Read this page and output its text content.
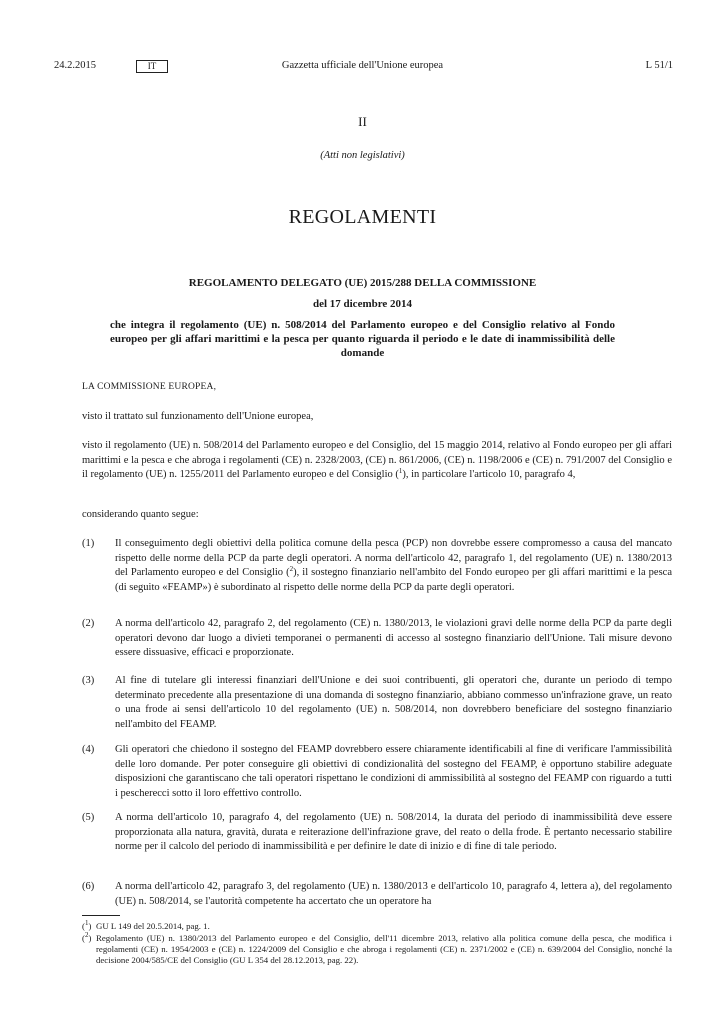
24.2.2015	IT	Gazzetta ufficiale dell'Unione europea	L 51/1
II
(Atti non legislativi)
REGOLAMENTI
REGOLAMENTO DELEGATO (UE) 2015/288 DELLA COMMISSIONE
del 17 dicembre 2014
che integra il regolamento (UE) n. 508/2014 del Parlamento europeo e del Consiglio relativo al Fondo europeo per gli affari marittimi e la pesca per quanto riguarda il periodo e le date di inammissibilità delle domande
LA COMMISSIONE EUROPEA,
visto il trattato sul funzionamento dell'Unione europea,
visto il regolamento (UE) n. 508/2014 del Parlamento europeo e del Consiglio, del 15 maggio 2014, relativo al Fondo europeo per gli affari marittimi e la pesca e che abroga i regolamenti (CE) n. 2328/2003, (CE) n. 861/2006, (CE) n. 1198/2006 e (CE) n. 791/2007 del Consiglio e il regolamento (UE) n. 1255/2011 del Parlamento europeo e del Consiglio ($^1$), in particolare l'articolo 10, paragrafo 4,
considerando quanto segue:
(1)	Il conseguimento degli obiettivi della politica comune della pesca (PCP) non dovrebbe essere compromesso a causa del mancato rispetto delle norme della PCP da parte degli operatori. A norma dell'articolo 42, paragrafo 1, del regolamento (UE) n. 1380/2013 del Parlamento europeo e del Consiglio ($^2$), il sostegno finanziario nell'ambito del Fondo europeo per gli affari marittimi e la pesca (di seguito «FEAMP») è subordinato al rispetto delle norme della PCP da parte degli operatori.
(2)	A norma dell'articolo 42, paragrafo 2, del regolamento (CE) n. 1380/2013, le violazioni gravi delle norme della PCP da parte degli operatori devono dar luogo a divieti temporanei o permanenti di accesso al sostegno finanziario dell'Unione. Tali misure devono essere dissuasive, efficaci e proporzionate.
(3)	Al fine di tutelare gli interessi finanziari dell'Unione e dei suoi contribuenti, gli operatori che, durante un periodo di tempo determinato precedente alla presentazione di una domanda di sostegno finanziario, abbiano commesso un'infrazione grave, un reato o una frode ai sensi dell'articolo 10 del regolamento (UE) n. 508/2014, non dovrebbero beneficiare del sostegno finanziario nell'ambito del FEAMP.
(4)	Gli operatori che chiedono il sostegno del FEAMP dovrebbero essere chiaramente identificabili al fine di verificare l'ammissibilità delle loro domande. Per poter conseguire gli obiettivi di condizionalità del sostegno del FEAMP, è opportuno stabilire adeguate disposizioni che garantiscano che tali operatori rispettano le condizioni di ammissibilità al sostegno del FEAMP con riguardo a tutti i pescherecci sotto il loro effettivo controllo.
(5)	A norma dell'articolo 10, paragrafo 4, del regolamento (UE) n. 508/2014, la durata del periodo di inammissibilità deve essere proporzionata alla natura, gravità, durata e reiterazione dell'infrazione grave, del reato o della frode. È pertanto necessario stabilire norme per il calcolo del periodo di inammissibilità e per definire le date di inizio e di fine di tale periodo.
(6)	A norma dell'articolo 42, paragrafo 3, del regolamento (UE) n. 1380/2013 e dell'articolo 10, paragrafo 4, lettera a), del regolamento (UE) n. 508/2014, se l'autorità competente ha accertato che un operatore ha
($^1$) GU L 149 del 20.5.2014, pag. 1.
($^2$) Regolamento (UE) n. 1380/2013 del Parlamento europeo e del Consiglio, dell'11 dicembre 2013, relativo alla politica comune della pesca, che modifica i regolamenti (CE) n. 1954/2003 e (CE) n. 1224/2009 del Consiglio e che abroga i regolamenti (CE) n. 2371/2002 e (CE) n. 639/2004 del Consiglio, nonché la decisione 2004/585/CE del Consiglio (GU L 354 del 28.12.2013, pag. 22).
